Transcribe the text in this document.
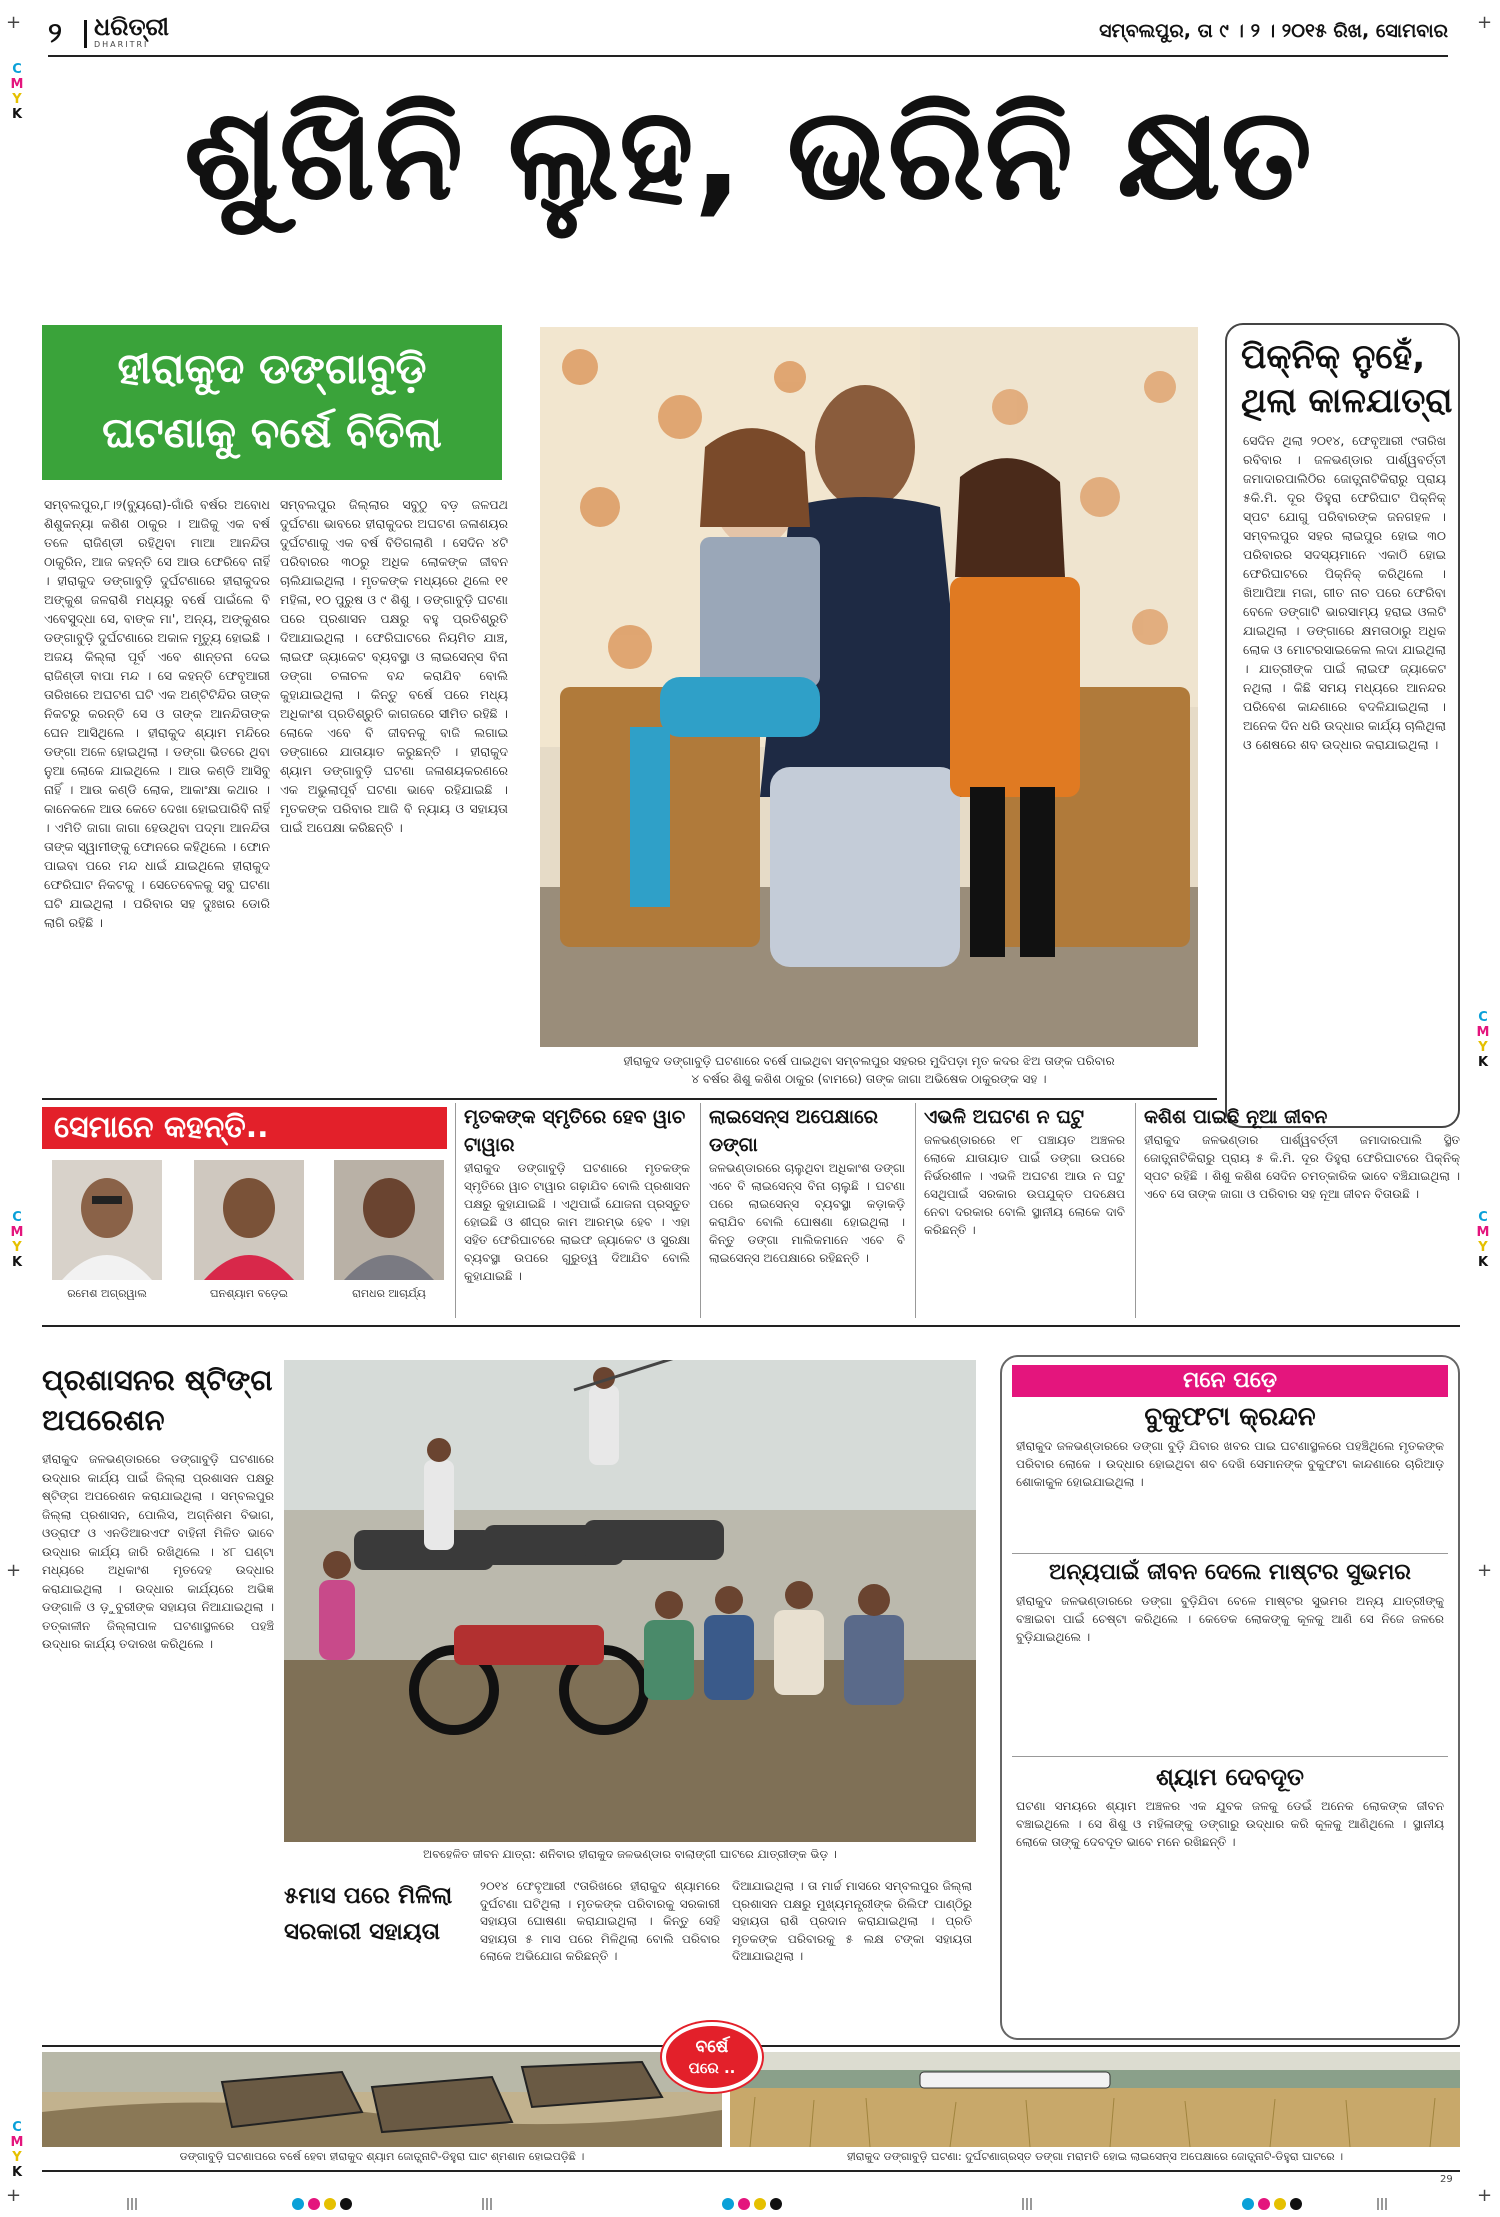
+	+
+	+
+	+
C
M
Y
K
C
M
Y
K
C
M
Y
K
C
M
Y
K
C
M
Y
K
୨ ଧରିତ୍ରୀ
DHARITRI
ସମ୍ବଲପୁର, ତା ୯ । ୨ । ୨୦୧୫ ରିଖ, ସୋମବାର
ଶୁଖିନି ଲୁହ, ଭରିନି କ୍ଷତ
ହୀରାକୁଦ ଡଙ୍ଗାବୁଡ଼ି
ଘଟଣାକୁ ବର୍ଷେ ବିତିଲା
ସମ୍ବଲପୁର,୮।୨(ବ୍ୟୁରୋ)-ଗାଁରି ବର୍ଷର ଅବୋଧ ଶିଶୁକନ୍ୟା କଶିଶ ଠାକୁର । ଆଜିକୁ ଏକ ବର୍ଷ ତଳେ ରାଜିଣ୍ଡୀ ରହିଥିବା ମାଆ ଆନନ୍ଦିତା ଠାକୁରିନ, ଆଜ କହନ୍ତି ସେ ଆଉ ଫେରିବେ ନାହିଁ । ହୀରାକୁଦ ଡଙ୍ଗାବୁଡ଼ି ଦୁର୍ଘଟଣାରେ ହୀରାକୁଦର ଅଙ୍କୁଶ ଜଳରାଶି ମଧ୍ୟରୁ ବର୍ଷେ ପାଇଁଲେ ବି ଏବେସୁଦ୍ଧା ସେ, ବାଙ୍କ ମା', ଅନ୍ୟ, ଅଙ୍କୁଶର ଡଙ୍ଗାବୁଡ଼ି ଦୁର୍ଘଟଣାରେ ଅକାଳ ମୃତ୍ୟୁ ହୋଇଛି । ଅଜୟ କିଲ୍ଲା ପୂର୍ବ ଏବେ ଶାନ୍ତନା ଦେଇ ରାଜିଣ୍ଡୀ ବାପା ମନ୍ଦ । ସେ କହନ୍ତି ଫେବୃଆରୀ ତାରିଖରେ ଅଘଟଣ ଘଟି ଏକ ଅଣ୍ଟିଟିନ୍ଦିର ତାଙ୍କ ନିକଟରୁ କରନ୍ତି ସେ ଓ ତାଙ୍କ ଆନନ୍ଦିତାଙ୍କ ଘେନ ଆସିଥିଲେ । ହୀରାକୁଦ ଶ୍ୟାମ ମନ୍ଦିରେ ଡଙ୍ଗା ଅଳେ ହୋଇଥିଲା । ଡଙ୍ଗା ଭିତରେ ଥିବା ନୁଆ ଲୋକେ ଯାଇଥିଲେ । ଆଉ କଣ୍ଡି ଆସିବୁ ନାହିଁ । ଆଉ କଣ୍ଡି ଲୋକ, ଆକାଂକ୍ଷା କଥାର । କାନେକଳେ ଆଉ କେତେ ଦେଖା ହୋଇପାରିବି ନାହିଁ । ଏମିତି ଜାଗା ଜାଗା ହେଉଥିବା ପଦ୍ମା ଆନନ୍ଦିତା ତାଙ୍କ ସ୍ୱାମୀଙ୍କୁ ଫୋନରେ କହିଥିଲେ । ଫୋନ ପାଇବା ପରେ ମନ୍ଦ ଧାଇଁ ଯାଇଥିଲେ ହୀରାକୁଦ ଫେରିଘାଟ ନିକଟକୁ । ସେତେବେଳକୁ ସବୁ ଘଟଣା ଘଟି ଯାଇଥିଲା । ପରିବାର ସହ ଦୁଃଖର ଡୋରି ଲାଗି ରହିଛି ।
ସମ୍ବଲପୁର ଜିଲ୍ଲାର ସବୁଠୁ ବଡ଼ ଜଳପଥ ଦୁର୍ଘଟଣା ଭାବରେ ହୀରାକୁଦର ଅଘଟଣ ଜଳାଶୟର ଦୁର୍ଘଟଣାକୁ ଏକ ବର୍ଷ ବିତିଗଲାଣି । ସେଦିନ ୪ଟି ପରିବାରର ୩୦ରୁ ଅଧିକ ଲୋକଙ୍କ ଜୀବନ ଚାଲିଯାଇଥିଲା । ମୃତକଙ୍କ ମଧ୍ୟରେ ଥିଲେ ୧୧ ମହିଳା, ୧୦ ପୁରୁଷ ଓ ୯ ଶିଶୁ । ଡଙ୍ଗାବୁଡ଼ି ଘଟଣା ପରେ ପ୍ରଶାସନ ପକ୍ଷରୁ ବହୁ ପ୍ରତିଶ୍ରୁତି ଦିଆଯାଇଥିଲା । ଫେରିଘାଟରେ ନିୟମିତ ଯାଞ୍ଚ, ଲାଇଫ ଜ୍ୟାକେଟ ବ୍ୟବସ୍ଥା ଓ ଲାଇସେନ୍ସ ବିନା ଡଙ୍ଗା ଚଳାଚଳ ବନ୍ଦ କରାଯିବ ବୋଲି କୁହାଯାଇଥିଲା । କିନ୍ତୁ ବର୍ଷେ ପରେ ମଧ୍ୟ ଅଧିକାଂଶ ପ୍ରତିଶ୍ରୁତି କାଗଜରେ ସୀମିତ ରହିଛି । ଲୋକେ ଏବେ ବି ଜୀବନକୁ ବାଜି ଲଗାଇ ଡଙ୍ଗାରେ ଯାତାୟାତ କରୁଛନ୍ତି । ହୀରାକୁଦ ଶ୍ୟାମ ଡଙ୍ଗାବୁଡ଼ି ଘଟଣା ଜଳାଶୟକରଣରେ ଏକ ଅଭୁଲାପୂର୍ବ ଘଟଣା ଭାବେ ରହିଯାଇଛି । ମୃତକଙ୍କ ପରିବାର ଆଜି ବି ନ୍ୟାୟ ଓ ସହାୟତା ପାଇଁ ଅପେକ୍ଷା କରିଛନ୍ତି ।
ହୀରାକୁଦ ଡଙ୍ଗାବୁଡ଼ି ଘଟଣାରେ ବର୍ଷେ ପାଇଥିବା ସମ୍ବଲପୁର ସହରର ମୁଦିପଡ଼ା ମୃତ କଦର ଝିଅ ତାଙ୍କ ପରିବାର
୪ ବର୍ଷର ଶିଶୁ କଶିଶ ଠାକୁର (ବାମରେ) ତାଙ୍କ ଜାଗା ଅଭିଷେକ ଠାକୁରଙ୍କ ସହ ।
ପିକ୍‌ନିକ୍ ନୁହେଁ,
ଥିଲା କାଳଯାତ୍ରା
ସେଦିନ ଥିଲା ୨୦୧୪, ଫେବୃଆରୀ ୯ତାରିଖ ରବିବାର । ଜଳଭଣ୍ଡାର ପାର୍ଶ୍ୱବର୍ତ୍ତୀ ଜମାଦାରପାଲିଠିର ଜୋତ୍ସ୍ନାଟିକିରାରୁ ପ୍ରାୟ ୫କି.ମି. ଦୂର ଡିହୁରା ଫେରିଘାଟ ପିକ୍‌ନିକ୍ ସ୍ପଟ ଯୋଗୁ ପରିବାରଙ୍କ ଜନଗହଳ । ସମ୍ବଲପୁର ସହର ଲାଇପୁର ହୋଇ ୩୦ ପରିବାରର ସଦସ୍ୟମାନେ ଏକାଠି ହୋଇ ଫେରିଘାଟରେ ପିକ୍‌ନିକ୍ କରିଥିଲେ । ଖିଆପିଆ ମଜା, ଗୀତ ନାଚ ପରେ ଫେରିବା ବେଳେ ଡଙ୍ଗାଟି ଭାରସାମ୍ୟ ହରାଇ ଓଲଟି ଯାଇଥିଲା । ଡଙ୍ଗାରେ କ୍ଷମତାଠାରୁ ଅଧିକ ଲୋକ ଓ ମୋଟରସାଇକେଲ ଲଦା ଯାଇଥିଲା । ଯାତ୍ରୀଙ୍କ ପାଇଁ ଲାଇଫ ଜ୍ୟାକେଟ ନଥିଲା । କିଛି ସମୟ ମଧ୍ୟରେ ଆନନ୍ଦର ପରିବେଶ କାନ୍ଦଣାରେ ବଦଳିଯାଇଥିଲା । ଅନେକ ଦିନ ଧରି ଉଦ୍ଧାର କାର୍ଯ୍ୟ ଚାଲିଥିଲା ଓ ଶେଷରେ ଶବ ଉଦ୍ଧାର କରାଯାଇଥିଲା ।
ସେମାନେ କହନ୍ତି..
ରମେଶ ଅଗ୍ରୱାଲ	ଘନଶ୍ୟାମ ବଡ଼େଇ	ରାମଧର ଆଚାର୍ଯ୍ୟ
ମୃତକଙ୍କ ସ୍ମୃତିରେ ହେବ ୱାଚ ଟାୱାର
ହୀରାକୁଦ ଡଙ୍ଗାବୁଡ଼ି ଘଟଣାରେ ମୃତକଙ୍କ ସ୍ମୃତିରେ ୱାଚ ଟାୱାର ଗଢ଼ାଯିବ ବୋଲି ପ୍ରଶାସନ ପକ୍ଷରୁ କୁହାଯାଇଛି । ଏଥିପାଇଁ ଯୋଜନା ପ୍ରସ୍ତୁତ ହୋଇଛି ଓ ଶୀଘ୍ର କାମ ଆରମ୍ଭ ହେବ । ଏହା ସହିତ ଫେରିଘାଟରେ ଲାଇଫ ଜ୍ୟାକେଟ ଓ ସୁରକ୍ଷା ବ୍ୟବସ୍ଥା ଉପରେ ଗୁରୁତ୍ୱ ଦିଆଯିବ ବୋଲି କୁହାଯାଇଛି ।
ଲାଇସେନ୍ସ ଅପେକ୍ଷାରେ ଡଙ୍ଗା
ଜଳଭଣ୍ଡାରରେ ଚାଲୁଥିବା ଅଧିକାଂଶ ଡଙ୍ଗା ଏବେ ବି ଲାଇସେନ୍ସ ବିନା ଚାଲୁଛି । ଘଟଣା ପରେ ଲାଇସେନ୍ସ ବ୍ୟବସ୍ଥା କଡ଼ାକଡ଼ି କରାଯିବ ବୋଲି ଘୋଷଣା ହୋଇଥିଲା । କିନ୍ତୁ ଡଙ୍ଗା ମାଲିକମାନେ ଏବେ ବି ଲାଇସେନ୍ସ ଅପେକ୍ଷାରେ ରହିଛନ୍ତି ।
ଏଭଳି ଅଘଟଣ ନ ଘଟୁ
ଜଳଭଣ୍ଡାରରେ ୧୮ ପଞ୍ଚାୟତ ଅଞ୍ଚଳର ଲୋକେ ଯାତାୟାତ ପାଇଁ ଡଙ୍ଗା ଉପରେ ନିର୍ଭରଶୀଳ । ଏଭଳି ଅଘଟଣ ଆଉ ନ ଘଟୁ ସେଥିପାଇଁ ସରକାର ଉପଯୁକ୍ତ ପଦକ୍ଷେପ ନେବା ଦରକାର ବୋଲି ସ୍ଥାନୀୟ ଲୋକେ ଦାବି କରିଛନ୍ତି ।
କଶିଶ ପାଇଛି ନୂଆ ଜୀବନ
ହୀରାକୁଦ ଜଳଭଣ୍ଡାର ପାର୍ଶ୍ୱବର୍ତ୍ତୀ ଜମାଦାରପାଲି ସ୍ଥିତ ଜୋତ୍ସ୍ନାଟିକିରାରୁ ପ୍ରାୟ ୫ କି.ମି. ଦୂର ଡିହୁରା ଫେରିଘାଟରେ ପିକ୍‌ନିକ୍ ସ୍ପଟ ରହିଛି । ଶିଶୁ କଶିଶ ସେଦିନ ଚମତ୍କାରିକ ଭାବେ ବଞ୍ଚିଯାଇଥିଲା । ଏବେ ସେ ତାଙ୍କ ଜାଗା ଓ ପରିବାର ସହ ନୂଆ ଜୀବନ ବିତାଉଛି ।
ପ୍ରଶାସନର ଷ୍ଟିଙ୍ଗ
ଅପରେଶନ
ହୀରାକୁଦ ଜଳଭଣ୍ଡାରରେ ଡଙ୍ଗାବୁଡ଼ି ଘଟଣାରେ ଉଦ୍ଧାର କାର୍ଯ୍ୟ ପାଇଁ ଜିଲ୍ଲା ପ୍ରଶାସନ ପକ୍ଷରୁ ଷ୍ଟିଙ୍ଗ ଅପରେଶନ କରାଯାଇଥିଲା । ସମ୍ବଲପୁର ଜିଲ୍ଲା ପ୍ରଶାସନ, ପୋଲିସ, ଅଗ୍ନିଶମ ବିଭାଗ, ଓଡ୍ରାଫ ଓ ଏନଡିଆରଏଫ ବାହିନୀ ମିଳିତ ଭାବେ ଉଦ୍ଧାର କାର୍ଯ୍ୟ ଜାରି ରଖିଥିଲେ । ୪୮ ଘଣ୍ଟା ମଧ୍ୟରେ ଅଧିକାଂଶ ମୃତଦେହ ଉଦ୍ଧାର କରାଯାଇଥିଲା । ଉଦ୍ଧାର କାର୍ଯ୍ୟରେ ଅଭିଜ୍ଞ ଡଙ୍ଗାଳି ଓ ଡ଼ୁବୁରୀଙ୍କ ସହାୟତା ନିଆଯାଇଥିଲା । ତତ୍କାଳୀନ ଜିଲ୍ଲାପାଳ ଘଟଣାସ୍ଥଳରେ ପହଞ୍ଚି ଉଦ୍ଧାର କାର୍ଯ୍ୟ ତଦାରଖ କରିଥିଲେ ।
ଅବହେଳିତ ଜୀବନ ଯାତ୍ରା: ଶନିବାର ହୀରାକୁଦ ଜଳଭଣ୍ଡାର ବାଲାଙ୍ଗୀ ଘାଟରେ ଯାତ୍ରୀଙ୍କ ଭିଡ଼ ।
୫ମାସ ପରେ ମିଳିଲା
ସରକାରୀ ସହାୟତା
୨୦୧୪ ଫେବୃଆରୀ ୯ତାରିଖରେ ହୀରାକୁଦ ଶ୍ୟାମରେ ଦୁର୍ଘଟଣା ଘଟିଥିଲା । ମୃତକଙ୍କ ପରିବାରକୁ ସରକାରୀ ସହାୟତା ଘୋଷଣା କରାଯାଇଥିଲା । କିନ୍ତୁ ସେହି ସହାୟତା ୫ ମାସ ପରେ ମିଳିଥିଲା ବୋଲି ପରିବାର ଲୋକେ ଅଭିଯୋଗ କରିଛନ୍ତି ।
ଦିଆଯାଇଥିଲା । ତା ମାର୍ଚ୍ଚ ମାସରେ ସମ୍ବଲପୁର ଜିଲ୍ଲା ପ୍ରଶାସନ ପକ୍ଷରୁ ମୁଖ୍ୟମନ୍ତ୍ରୀଙ୍କ ରିଲିଫ ପାଣ୍ଠିରୁ ସହାୟତା ରାଶି ପ୍ରଦାନ କରାଯାଇଥିଲା । ପ୍ରତି ମୃତକଙ୍କ ପରିବାରକୁ ୫ ଲକ୍ଷ ଟଙ୍କା ସହାୟତା ଦିଆଯାଇଥିଲା ।
ମନେ ପଡ଼େ
ବୁକୁଫଟା କ୍ରନ୍ଦନ
ହୀରାକୁଦ ଜଳଭଣ୍ଡାରରେ ଡଙ୍ଗା ବୁଡ଼ି ଯିବାର ଖବର ପାଇ ଘଟଣାସ୍ଥଳରେ ପହଞ୍ଚିଥିଲେ ମୃତକଙ୍କ ପରିବାର ଲୋକେ । ଉଦ୍ଧାର ହୋଇଥିବା ଶବ ଦେଖି ସେମାନଙ୍କ ବୁକୁଫଟା କାନ୍ଦଣାରେ ଚାରିଆଡ଼ ଶୋକାକୁଳ ହୋଇଯାଇଥିଲା ।
ଅନ୍ୟପାଇଁ ଜୀବନ ଦେଲେ ମାଷ୍ଟର ସୁଭମର
ହୀରାକୁଦ ଜଳଭଣ୍ଡାରରେ ଡଙ୍ଗା ବୁଡ଼ିଯିବା ବେଳେ ମାଷ୍ଟର ସୁଭମର ଅନ୍ୟ ଯାତ୍ରୀଙ୍କୁ ବଞ୍ଚାଇବା ପାଇଁ ଚେଷ୍ଟା କରିଥିଲେ । କେତେକ ଲୋକଙ୍କୁ କୂଳକୁ ଆଣି ସେ ନିଜେ ଜଳରେ ବୁଡ଼ିଯାଇଥିଲେ ।
ଶ୍ୟାମ ଦେବଦୂତ
ଘଟଣା ସମୟରେ ଶ୍ୟାମ ଅଞ୍ଚଳର ଏକ ଯୁବକ ଜଳକୁ ଡେଇଁ ଅନେକ ଲୋକଙ୍କ ଜୀବନ ବଞ୍ଚାଇଥିଲେ । ସେ ଶିଶୁ ଓ ମହିଳାଙ୍କୁ ଡଙ୍ଗାରୁ ଉଦ୍ଧାର କରି କୂଳକୁ ଆଣିଥିଲେ । ସ୍ଥାନୀୟ ଲୋକେ ତାଙ୍କୁ ଦେବଦୂତ ଭାବେ ମନେ ରଖିଛନ୍ତି ।
ବର୍ଷେ
ପରେ ..
ଡଙ୍ଗାବୁଡ଼ି ଘଟଣାପରେ ବର୍ଷେ ହେବା ହୀରାକୁଦ ଶ୍ୟାମ ଜୋତ୍ସ୍ନାଟି-ଡିହୁରା ଘାଟ ଶ୍ମଶାନ ହୋଇପଡ଼ିଛି ।	ହୀରାକୁଦ ଡଙ୍ଗାବୁଡ଼ି ଘଟଣା: ଦୁର୍ଘଟଣାଗ୍ରସ୍ତ ଡଙ୍ଗା ମରାମତି ହୋଇ ଲାଇସେନ୍ସ ଅପେକ୍ଷାରେ ଜୋତ୍ସ୍ନାଟି-ଡିହୁରା ଘାଟରେ ।
29
